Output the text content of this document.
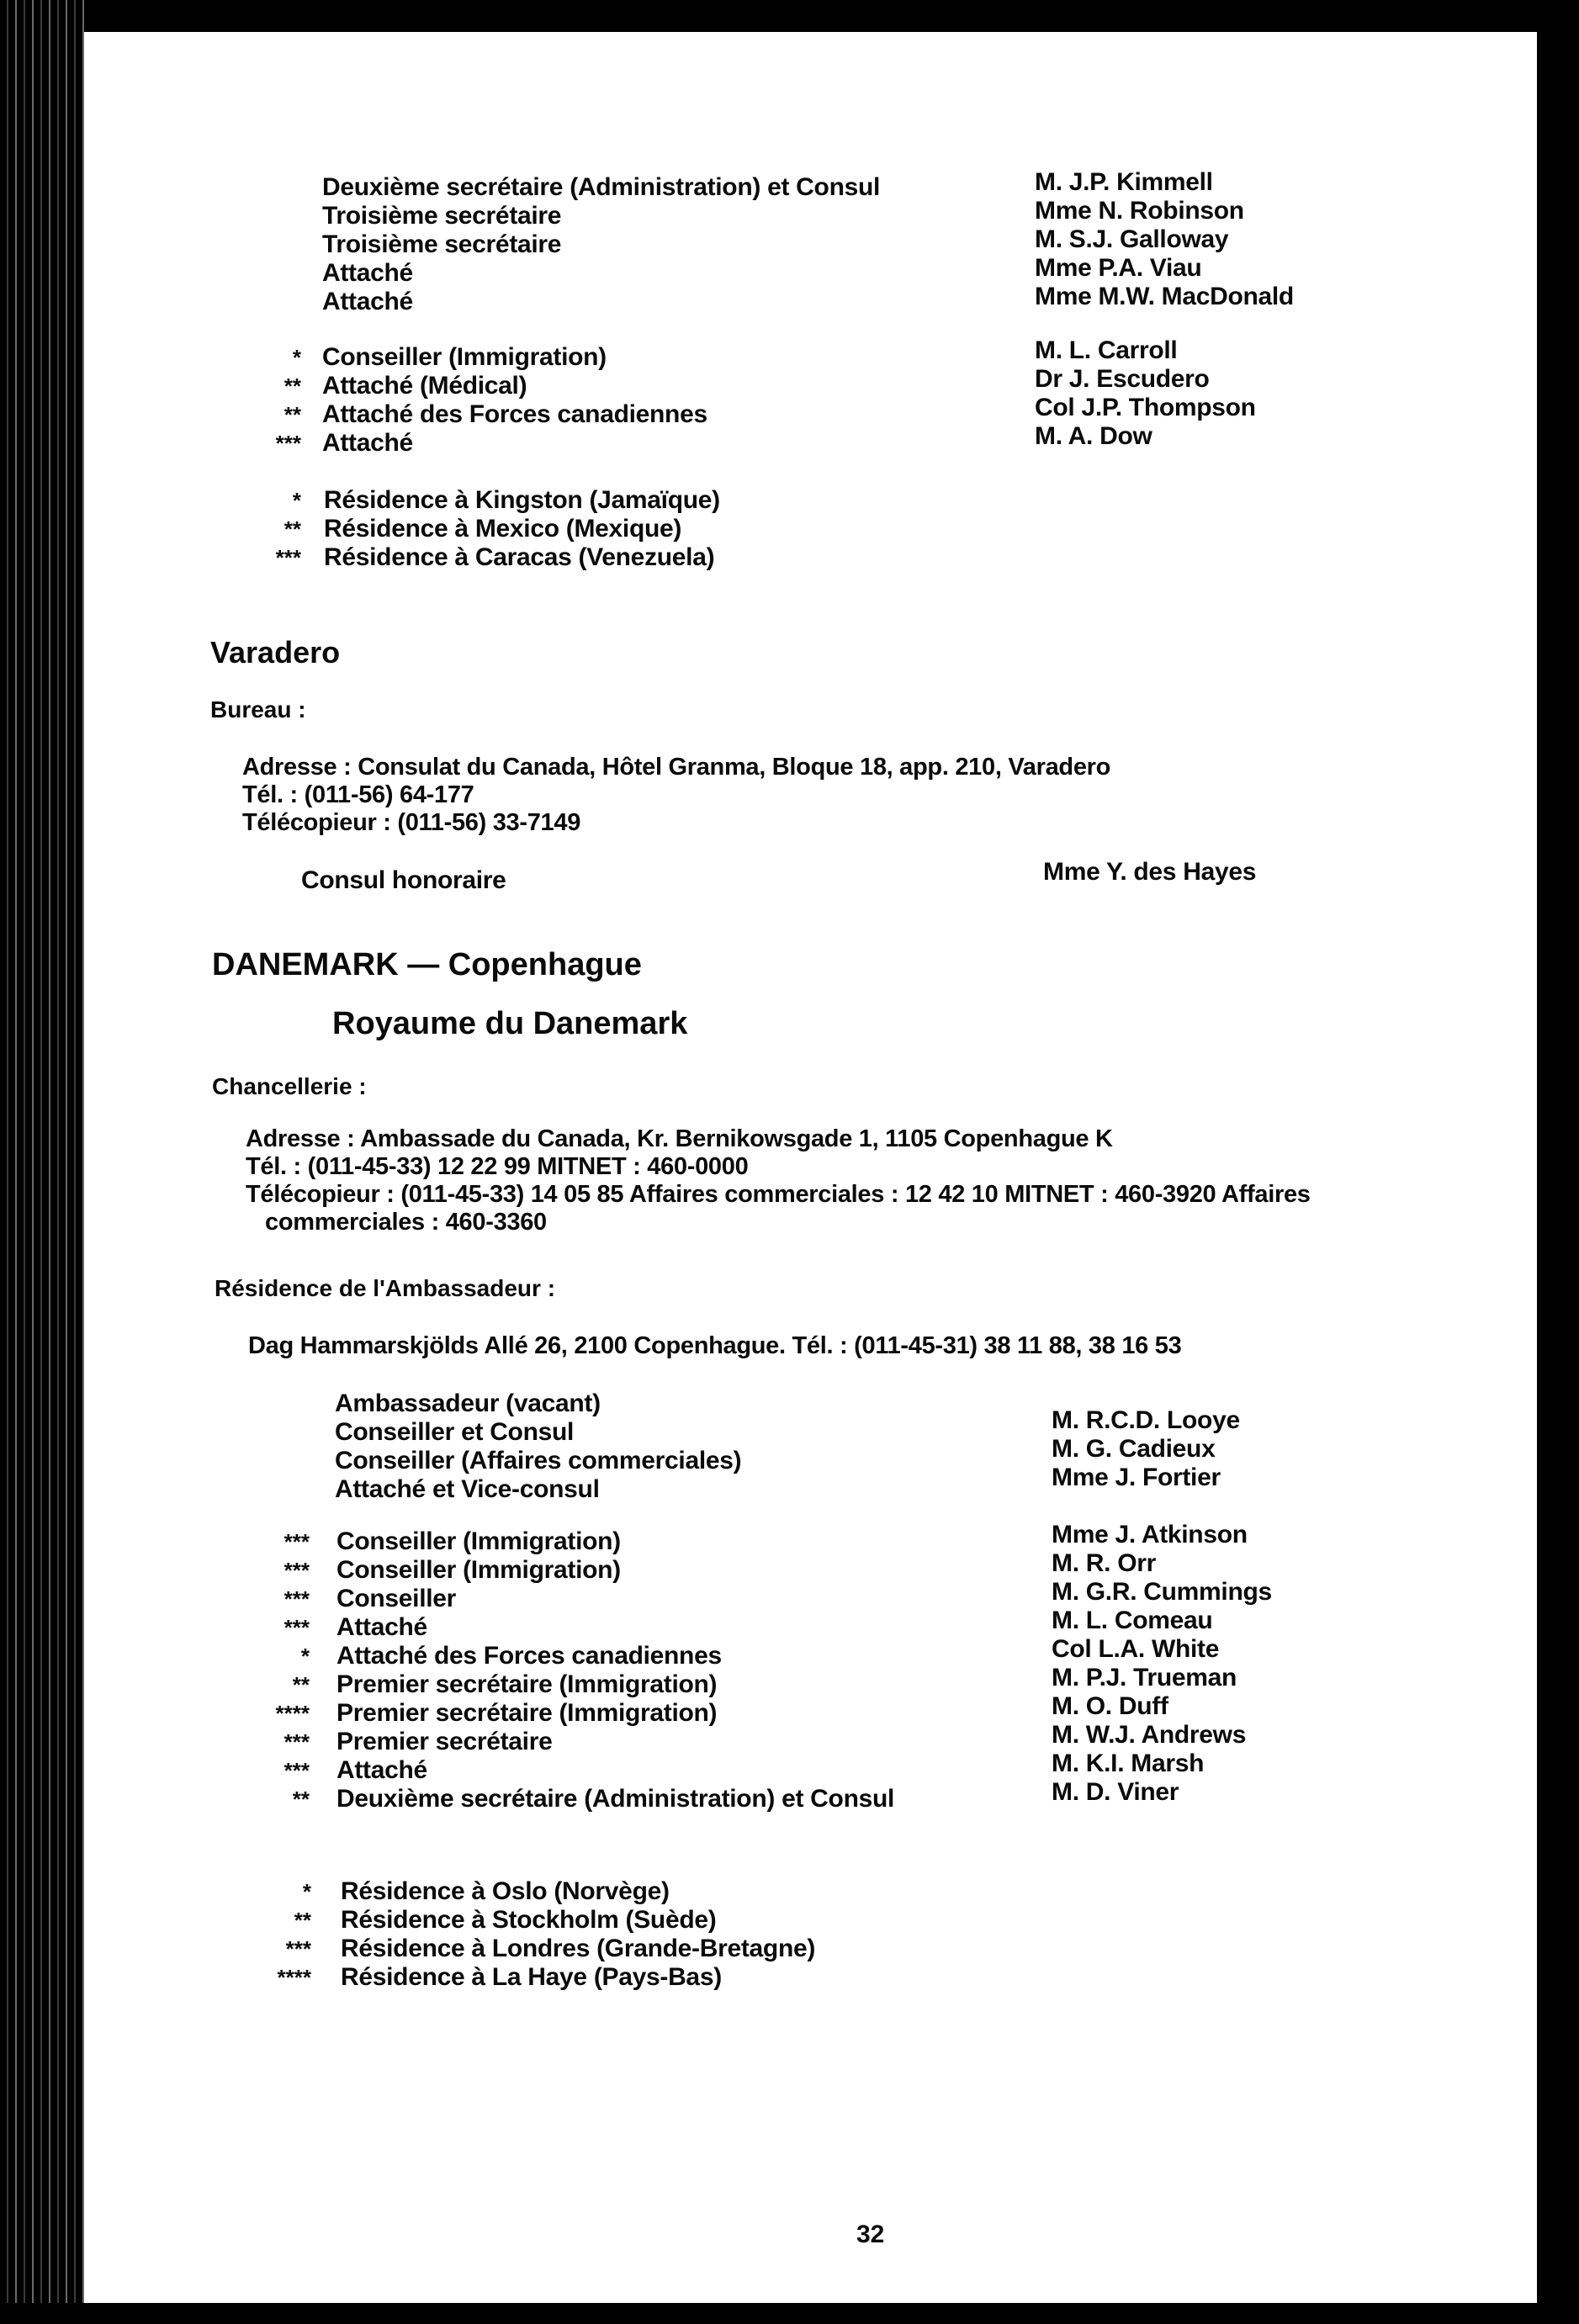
Deuxième secrétaire (Administration) et Consul
Troisième secrétaire
Troisième secrétaire
Attaché
Attaché
M. J.P. Kimmell
Mme N. Robinson
M. S.J. Galloway
Mme P.A. Viau
Mme M.W. MacDonald
*
**
**
***
Conseiller (Immigration)
Attaché (Médical)
Attaché des Forces canadiennes
Attaché
M. L. Carroll
Dr J. Escudero
Col J.P. Thompson
M. A. Dow
*
**
***
Résidence à Kingston (Jamaïque)
Résidence à Mexico (Mexique)
Résidence à Caracas (Venezuela)
Varadero
Bureau :
Adresse : Consulat du Canada, Hôtel Granma, Bloque 18, app. 210, Varadero
Tél. : (011-56) 64-177
Télécopieur : (011-56) 33-7149
Consul honoraire	Mme Y. des Hayes
DANEMARK — Copenhague
Royaume du Danemark
Chancellerie :
Adresse : Ambassade du Canada, Kr. Bernikowsgade 1, 1105 Copenhague K
Tél. : (011-45-33) 12 22 99 MITNET : 460-0000
Télécopieur : (011-45-33) 14 05 85 Affaires commerciales : 12 42 10 MITNET : 460-3920 Affaires
commerciales : 460-3360
Résidence de l'Ambassadeur :
Dag Hammarskjölds Allé 26, 2100 Copenhague. Tél. : (011-45-31) 38 11 88, 38 16 53
Ambassadeur (vacant)
Conseiller et Consul
Conseiller (Affaires commerciales)
Attaché et Vice-consul
M. R.C.D. Looye
M. G. Cadieux
Mme J. Fortier
***
***
***
***
*
**
****
***
***
**
Conseiller (Immigration)
Conseiller (Immigration)
Conseiller
Attaché
Attaché des Forces canadiennes
Premier secrétaire (Immigration)
Premier secrétaire (Immigration)
Premier secrétaire
Attaché
Deuxième secrétaire (Administration) et Consul
Mme J. Atkinson
M. R. Orr
M. G.R. Cummings
M. L. Comeau
Col L.A. White
M. P.J. Trueman
M. O. Duff
M. W.J. Andrews
M. K.I. Marsh
M. D. Viner
*
**
***
****
Résidence à Oslo (Norvège)
Résidence à Stockholm (Suède)
Résidence à Londres (Grande-Bretagne)
Résidence à La Haye (Pays-Bas)
32
